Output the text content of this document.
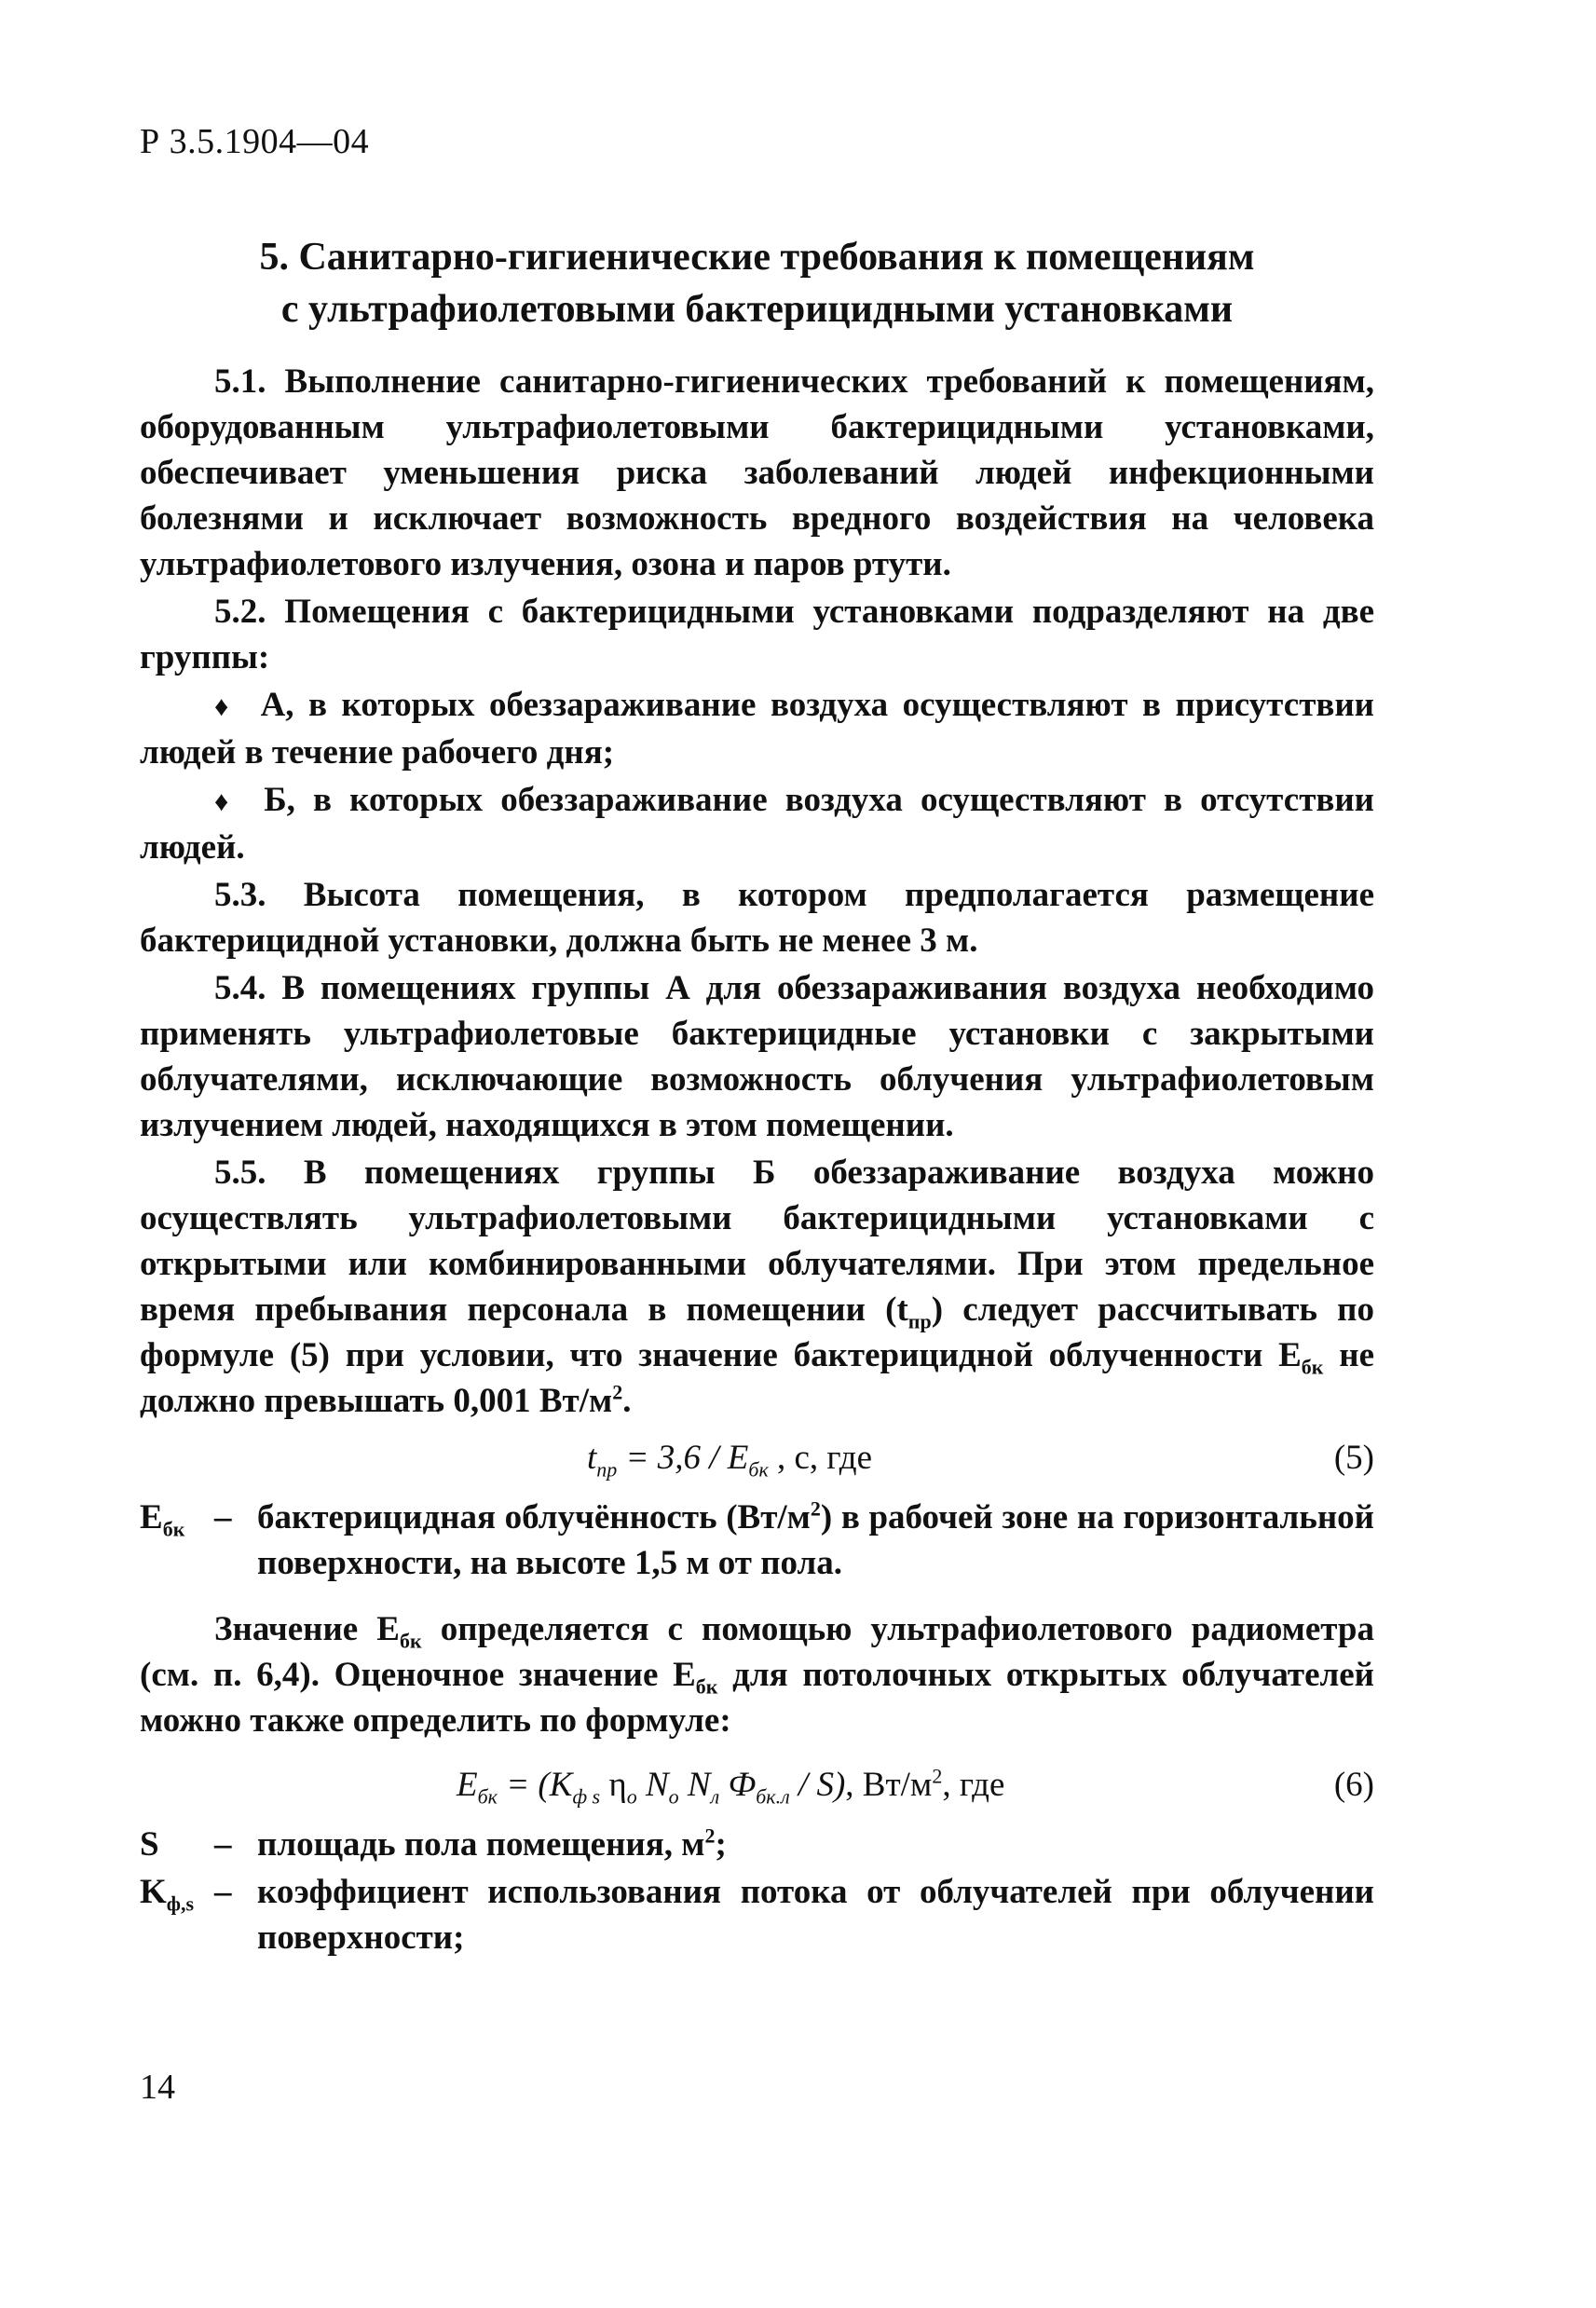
Р 3.5.1904—04
5. Санитарно-гигиенические требования к помещениям
с ультрафиолетовыми бактерицидными установками

5.1. Выполнение санитарно-гигиенических требований к помещениям, оборудованным ультрафиолетовыми бактерицидными установками, обеспечивает уменьшения риска заболеваний людей инфекционными болезнями и исключает возможность вредного воздействия на человека ультрафиолетового излучения, озона и паров ртути.

5.2. Помещения с бактерицидными установками подразделяют на две группы:

♦ А, в которых обеззараживание воздуха осуществляют в присутствии людей в течение рабочего дня;

♦ Б, в которых обеззараживание воздуха осуществляют в отсутствии людей.

5.3. Высота помещения, в котором предполагается размещение бактерицидной установки, должна быть не менее 3 м.

5.4. В помещениях группы А для обеззараживания воздуха необходимо применять ультрафиолетовые бактерицидные установки с закрытыми облучателями, исключающие возможность облучения ультрафиолетовым излучением людей, находящихся в этом помещении.

5.5. В помещениях группы Б обеззараживание воздуха можно осуществлять ультрафиолетовыми бактерицидными установками с открытыми или комбинированными облучателями. При этом предельное время пребывания персонала в помещении $(t_{пр})$ следует рассчитывать по формуле (5) при условии, что значение бактерицидной облученности $Е_{бк}$ не должно превышать 0,001 $Вт/м^2$.

$t_{пр} = 3,6 / E_{бк}$ , с, где	(5)
$E_{бк}$ – бактерицидная облучённость $(Вт/м^2)$ в рабочей зоне на горизонтальной поверхности, на высоте 1,5 м от пола.

Значение $Е_{бк}$ определяется с помощью ультрафиолетового радиометра (см. п. 6,4). Оценочное значение $Е_{бк}$ для потолочных открытых облучателей можно также определить по формуле:

$E_{бк} = (K_{ф s}$ $\eta_o$ $N_o$ $N_л$ $Ф_{бк.л} / S$), $Вт/м^2$, где	(6)
S	– площадь пола помещения, $м^2$;
$K_{ф,s}$ – коэффициент использования потока от облучателей при облучении поверхности;
14
